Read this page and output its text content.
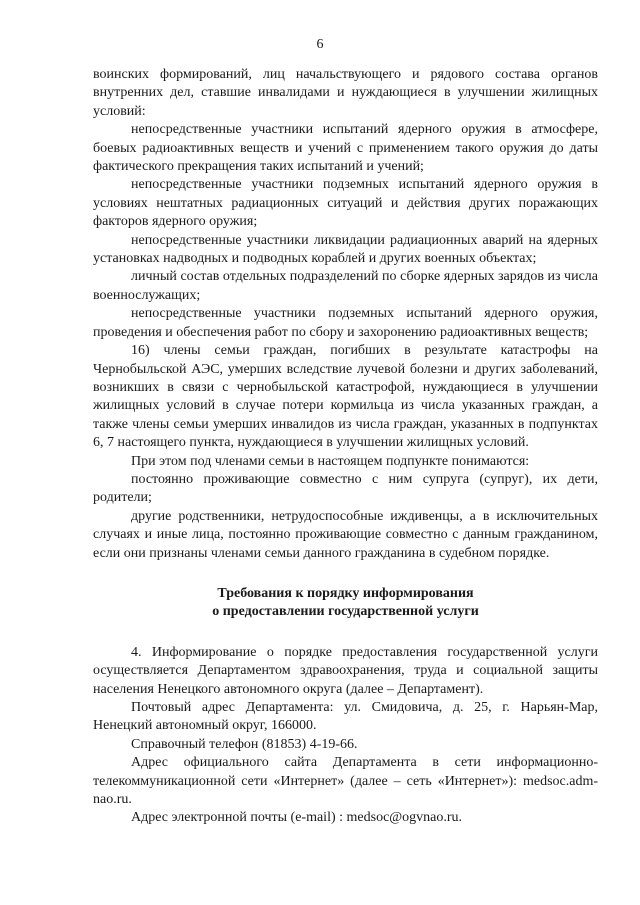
6

воинских формирований, лиц начальствующего и рядового состава органов внутренних дел, ставшие инвалидами и нуждающиеся в улучшении жилищных условий:

непосредственные участники испытаний ядерного оружия в атмосфере, боевых радиоактивных веществ и учений с применением такого оружия до даты фактического прекращения таких испытаний и учений;

непосредственные участники подземных испытаний ядерного оружия в условиях нештатных радиационных ситуаций и действия других поражающих факторов ядерного оружия;

непосредственные участники ликвидации радиационных аварий на ядерных установках надводных и подводных кораблей и других военных объектах;

личный состав отдельных подразделений по сборке ядерных зарядов из числа военнослужащих;

непосредственные участники подземных испытаний ядерного оружия, проведения и обеспечения работ по сбору и захоронению радиоактивных веществ;

16) члены семьи граждан, погибших в результате катастрофы на Чернобыльской АЭС, умерших вследствие лучевой болезни и других заболеваний, возникших в связи с чернобыльской катастрофой, нуждающиеся в улучшении жилищных условий в случае потери кормильца из числа указанных граждан, а также члены семьи умерших инвалидов из числа граждан, указанных в подпунктах 6, 7 настоящего пункта, нуждающиеся в улучшении жилищных условий.

При этом под членами семьи в настоящем подпункте понимаются:

постоянно проживающие совместно с ним супруга (супруг), их дети, родители;

другие родственники, нетрудоспособные иждивенцы, а в исключительных случаях и иные лица, постоянно проживающие совместно с данным гражданином, если они признаны членами семьи данного гражданина в судебном порядке.

Требования к порядку информирования
о предоставлении государственной услуги

4. Информирование о порядке предоставления государственной услуги осуществляется Департаментом здравоохранения, труда и социальной защиты населения Ненецкого автономного округа (далее – Департамент).

Почтовый адрес Департамента: ул. Смидовича, д. 25, г. Нарьян-Мар, Ненецкий автономный округ, 166000.

Справочный телефон (81853) 4-19-66.

Адрес официального сайта Департамента в сети информационно-телекоммуникационной сети «Интернет» (далее – сеть «Интернет»): medsoc.adm-nao.ru.

Адрес электронной почты (e-mail) : medsoc@ogvnao.ru.
